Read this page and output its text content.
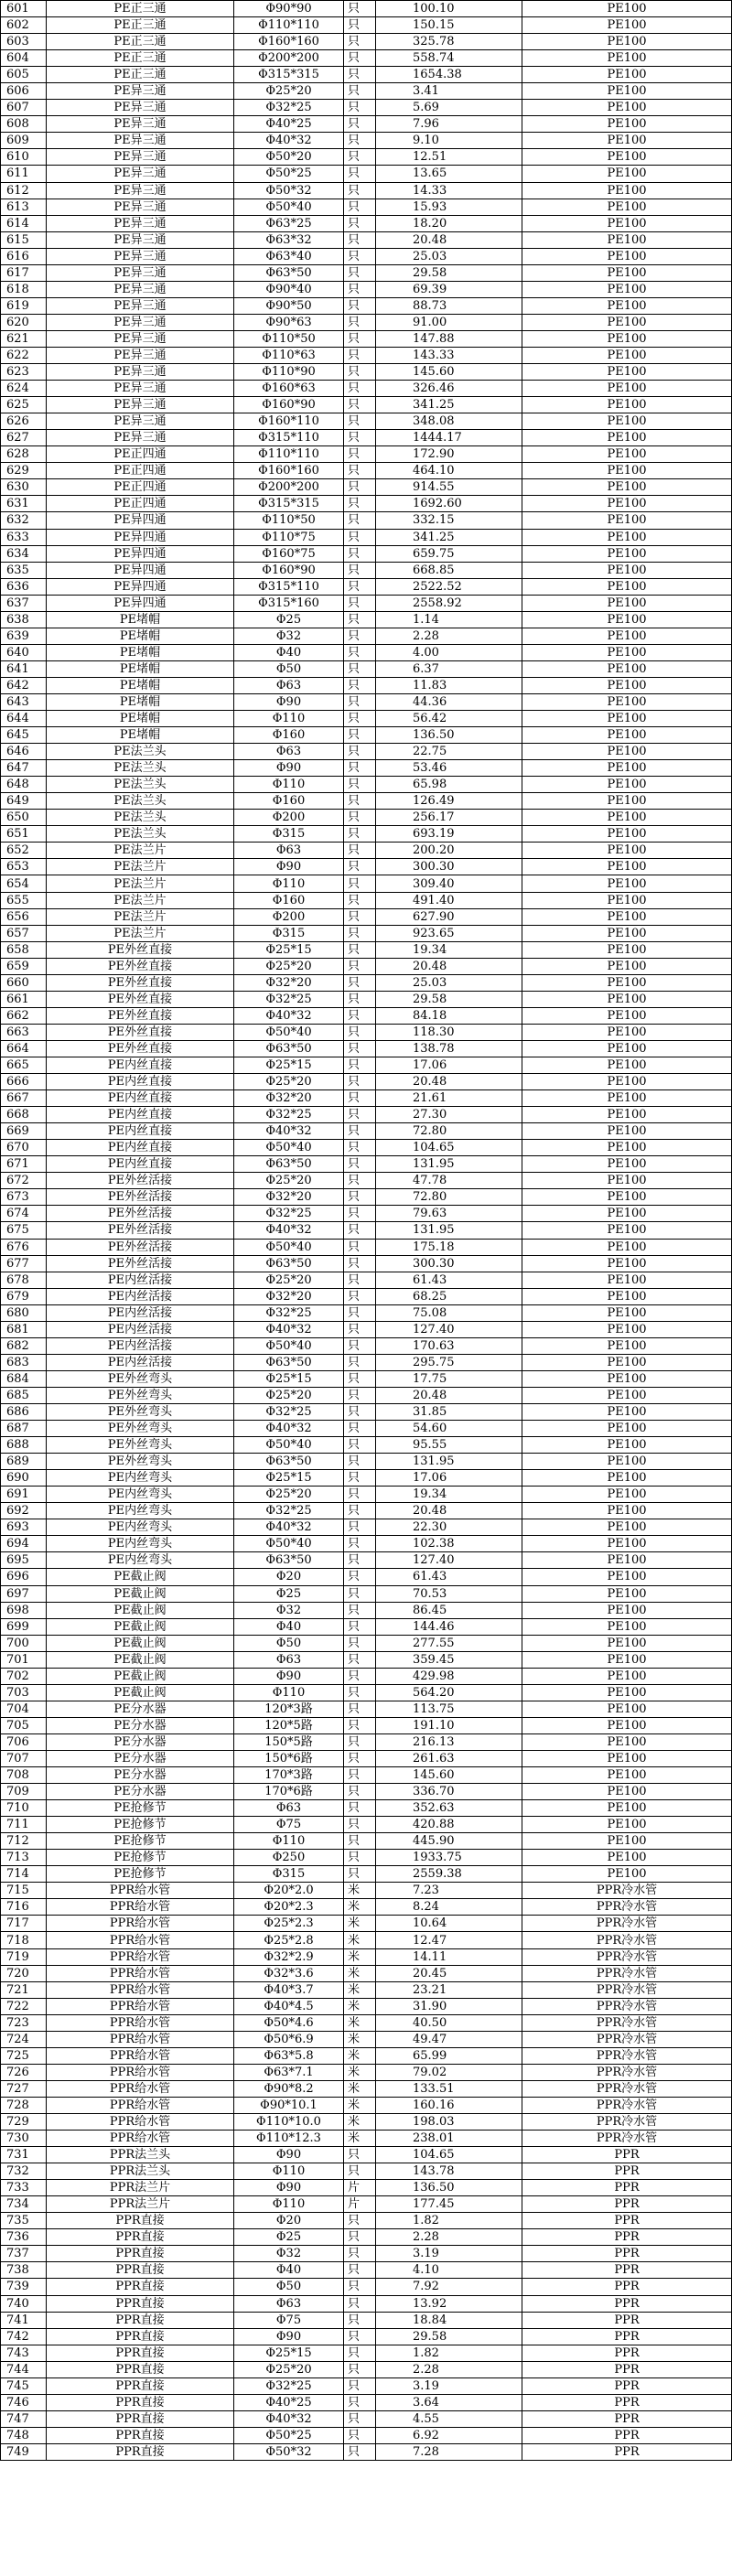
601	PE正三通	Φ90*90	只	100.10	PE100
602	PE正三通	Φ110*110	只	150.15	PE100
603	PE正三通	Φ160*160	只	325.78	PE100
604	PE正三通	Φ200*200	只	558.74	PE100
605	PE正三通	Φ315*315	只	1654.38	PE100
606	PE异三通	Φ25*20	只	3.41	PE100
607	PE异三通	Φ32*25	只	5.69	PE100
608	PE异三通	Φ40*25	只	7.96	PE100
609	PE异三通	Φ40*32	只	9.10	PE100
610	PE异三通	Φ50*20	只	12.51	PE100
611	PE异三通	Φ50*25	只	13.65	PE100
612	PE异三通	Φ50*32	只	14.33	PE100
613	PE异三通	Φ50*40	只	15.93	PE100
614	PE异三通	Φ63*25	只	18.20	PE100
615	PE异三通	Φ63*32	只	20.48	PE100
616	PE异三通	Φ63*40	只	25.03	PE100
617	PE异三通	Φ63*50	只	29.58	PE100
618	PE异三通	Φ90*40	只	69.39	PE100
619	PE异三通	Φ90*50	只	88.73	PE100
620	PE异三通	Φ90*63	只	91.00	PE100
621	PE异三通	Φ110*50	只	147.88	PE100
622	PE异三通	Φ110*63	只	143.33	PE100
623	PE异三通	Φ110*90	只	145.60	PE100
624	PE异三通	Φ160*63	只	326.46	PE100
625	PE异三通	Φ160*90	只	341.25	PE100
626	PE异三通	Φ160*110	只	348.08	PE100
627	PE异三通	Φ315*110	只	1444.17	PE100
628	PE正四通	Φ110*110	只	172.90	PE100
629	PE正四通	Φ160*160	只	464.10	PE100
630	PE正四通	Φ200*200	只	914.55	PE100
631	PE正四通	Φ315*315	只	1692.60	PE100
632	PE异四通	Φ110*50	只	332.15	PE100
633	PE异四通	Φ110*75	只	341.25	PE100
634	PE异四通	Φ160*75	只	659.75	PE100
635	PE异四通	Φ160*90	只	668.85	PE100
636	PE异四通	Φ315*110	只	2522.52	PE100
637	PE异四通	Φ315*160	只	2558.92	PE100
638	PE堵帽	Φ25	只	1.14	PE100
639	PE堵帽	Φ32	只	2.28	PE100
640	PE堵帽	Φ40	只	4.00	PE100
641	PE堵帽	Φ50	只	6.37	PE100
642	PE堵帽	Φ63	只	11.83	PE100
643	PE堵帽	Φ90	只	44.36	PE100
644	PE堵帽	Φ110	只	56.42	PE100
645	PE堵帽	Φ160	只	136.50	PE100
646	PE法兰头	Φ63	只	22.75	PE100
647	PE法兰头	Φ90	只	53.46	PE100
648	PE法兰头	Φ110	只	65.98	PE100
649	PE法兰头	Φ160	只	126.49	PE100
650	PE法兰头	Φ200	只	256.17	PE100
651	PE法兰头	Φ315	只	693.19	PE100
652	PE法兰片	Φ63	只	200.20	PE100
653	PE法兰片	Φ90	只	300.30	PE100
654	PE法兰片	Φ110	只	309.40	PE100
655	PE法兰片	Φ160	只	491.40	PE100
656	PE法兰片	Φ200	只	627.90	PE100
657	PE法兰片	Φ315	只	923.65	PE100
658	PE外丝直接	Φ25*15	只	19.34	PE100
659	PE外丝直接	Φ25*20	只	20.48	PE100
660	PE外丝直接	Φ32*20	只	25.03	PE100
661	PE外丝直接	Φ32*25	只	29.58	PE100
662	PE外丝直接	Φ40*32	只	84.18	PE100
663	PE外丝直接	Φ50*40	只	118.30	PE100
664	PE外丝直接	Φ63*50	只	138.78	PE100
665	PE内丝直接	Φ25*15	只	17.06	PE100
666	PE内丝直接	Φ25*20	只	20.48	PE100
667	PE内丝直接	Φ32*20	只	21.61	PE100
668	PE内丝直接	Φ32*25	只	27.30	PE100
669	PE内丝直接	Φ40*32	只	72.80	PE100
670	PE内丝直接	Φ50*40	只	104.65	PE100
671	PE内丝直接	Φ63*50	只	131.95	PE100
672	PE外丝活接	Φ25*20	只	47.78	PE100
673	PE外丝活接	Φ32*20	只	72.80	PE100
674	PE外丝活接	Φ32*25	只	79.63	PE100
675	PE外丝活接	Φ40*32	只	131.95	PE100
676	PE外丝活接	Φ50*40	只	175.18	PE100
677	PE外丝活接	Φ63*50	只	300.30	PE100
678	PE内丝活接	Φ25*20	只	61.43	PE100
679	PE内丝活接	Φ32*20	只	68.25	PE100
680	PE内丝活接	Φ32*25	只	75.08	PE100
681	PE内丝活接	Φ40*32	只	127.40	PE100
682	PE内丝活接	Φ50*40	只	170.63	PE100
683	PE内丝活接	Φ63*50	只	295.75	PE100
684	PE外丝弯头	Φ25*15	只	17.75	PE100
685	PE外丝弯头	Φ25*20	只	20.48	PE100
686	PE外丝弯头	Φ32*25	只	31.85	PE100
687	PE外丝弯头	Φ40*32	只	54.60	PE100
688	PE外丝弯头	Φ50*40	只	95.55	PE100
689	PE外丝弯头	Φ63*50	只	131.95	PE100
690	PE内丝弯头	Φ25*15	只	17.06	PE100
691	PE内丝弯头	Φ25*20	只	19.34	PE100
692	PE内丝弯头	Φ32*25	只	20.48	PE100
693	PE内丝弯头	Φ40*32	只	22.30	PE100
694	PE内丝弯头	Φ50*40	只	102.38	PE100
695	PE内丝弯头	Φ63*50	只	127.40	PE100
696	PE截止阀	Φ20	只	61.43	PE100
697	PE截止阀	Φ25	只	70.53	PE100
698	PE截止阀	Φ32	只	86.45	PE100
699	PE截止阀	Φ40	只	144.46	PE100
700	PE截止阀	Φ50	只	277.55	PE100
701	PE截止阀	Φ63	只	359.45	PE100
702	PE截止阀	Φ90	只	429.98	PE100
703	PE截止阀	Φ110	只	564.20	PE100
704	PE分水器	120*3路	只	113.75	PE100
705	PE分水器	120*5路	只	191.10	PE100
706	PE分水器	150*5路	只	216.13	PE100
707	PE分水器	150*6路	只	261.63	PE100
708	PE分水器	170*3路	只	145.60	PE100
709	PE分水器	170*6路	只	336.70	PE100
710	PE抢修节	Φ63	只	352.63	PE100
711	PE抢修节	Φ75	只	420.88	PE100
712	PE抢修节	Φ110	只	445.90	PE100
713	PE抢修节	Φ250	只	1933.75	PE100
714	PE抢修节	Φ315	只	2559.38	PE100
715	PPR给水管	Φ20*2.0	米	7.23	PPR冷水管
716	PPR给水管	Φ20*2.3	米	8.24	PPR冷水管
717	PPR给水管	Φ25*2.3	米	10.64	PPR冷水管
718	PPR给水管	Φ25*2.8	米	12.47	PPR冷水管
719	PPR给水管	Φ32*2.9	米	14.11	PPR冷水管
720	PPR给水管	Φ32*3.6	米	20.45	PPR冷水管
721	PPR给水管	Φ40*3.7	米	23.21	PPR冷水管
722	PPR给水管	Φ40*4.5	米	31.90	PPR冷水管
723	PPR给水管	Φ50*4.6	米	40.50	PPR冷水管
724	PPR给水管	Φ50*6.9	米	49.47	PPR冷水管
725	PPR给水管	Φ63*5.8	米	65.99	PPR冷水管
726	PPR给水管	Φ63*7.1	米	79.02	PPR冷水管
727	PPR给水管	Φ90*8.2	米	133.51	PPR冷水管
728	PPR给水管	Φ90*10.1	米	160.16	PPR冷水管
729	PPR给水管	Φ110*10.0	米	198.03	PPR冷水管
730	PPR给水管	Φ110*12.3	米	238.01	PPR冷水管
731	PPR法兰头	Φ90	只	104.65	PPR
732	PPR法兰头	Φ110	只	143.78	PPR
733	PPR法兰片	Φ90	片	136.50	PPR
734	PPR法兰片	Φ110	片	177.45	PPR
735	PPR直接	Φ20	只	1.82	PPR
736	PPR直接	Φ25	只	2.28	PPR
737	PPR直接	Φ32	只	3.19	PPR
738	PPR直接	Φ40	只	4.10	PPR
739	PPR直接	Φ50	只	7.92	PPR
740	PPR直接	Φ63	只	13.92	PPR
741	PPR直接	Φ75	只	18.84	PPR
742	PPR直接	Φ90	只	29.58	PPR
743	PPR直接	Φ25*15	只	1.82	PPR
744	PPR直接	Φ25*20	只	2.28	PPR
745	PPR直接	Φ32*25	只	3.19	PPR
746	PPR直接	Φ40*25	只	3.64	PPR
747	PPR直接	Φ40*32	只	4.55	PPR
748	PPR直接	Φ50*25	只	6.92	PPR
749	PPR直接	Φ50*32	只	7.28	PPR
